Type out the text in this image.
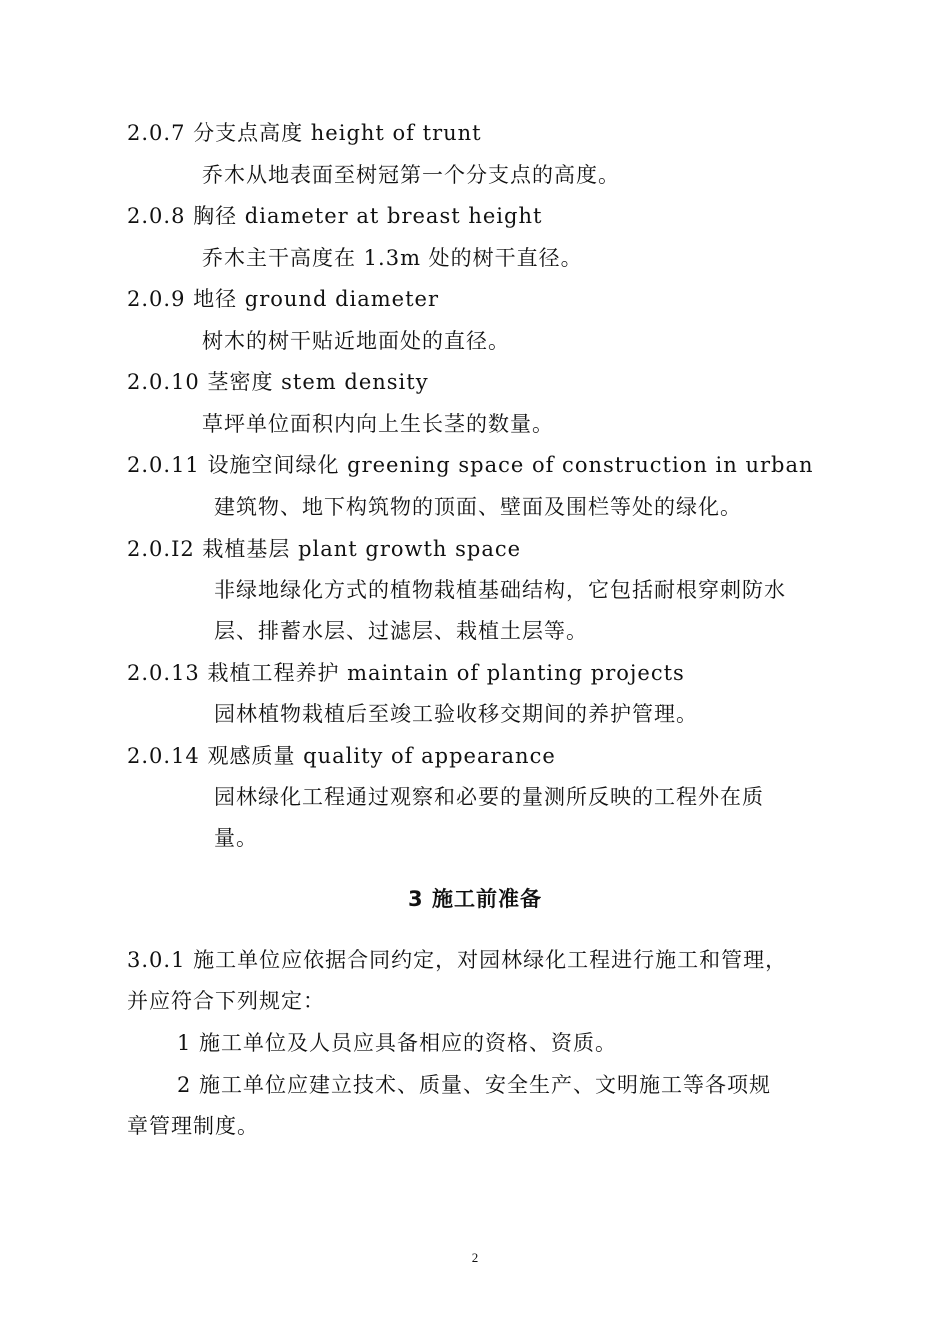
2.0.7 分支点高度 height of trunt
乔木从地表面至树冠第一个分支点的高度。
2.0.8 胸径 diameter at breast height
乔木主干高度在 1.3m 处的树干直径。
2.0.9 地径 ground diameter
树木的树干贴近地面处的直径。
2.0.10 茎密度 stem density
草坪单位面积内向上生长茎的数量。
2.0.11 设施空间绿化 greening space of construction in urban
建筑物、地下构筑物的顶面、壁面及围栏等处的绿化。
2.0.I2 栽植基层 plant growth space
非绿地绿化方式的植物栽植基础结构，它包括耐根穿刺防水
层、排蓄水层、过滤层、栽植土层等。
2.0.13 栽植工程养护 maintain of planting projects
园林植物栽植后至竣工验收移交期间的养护管理。
2.0.14 观感质量 quality of appearance
园林绿化工程通过观察和必要的量测所反映的工程外在质
量。
3 施工前准备
3.0.1 施工单位应依据合同约定，对园林绿化工程进行施工和管理，
并应符合下列规定：
1 施工单位及人员应具备相应的资格、资质。
2 施工单位应建立技术、质量、安全生产、文明施工等各项规
章管理制度。
2
